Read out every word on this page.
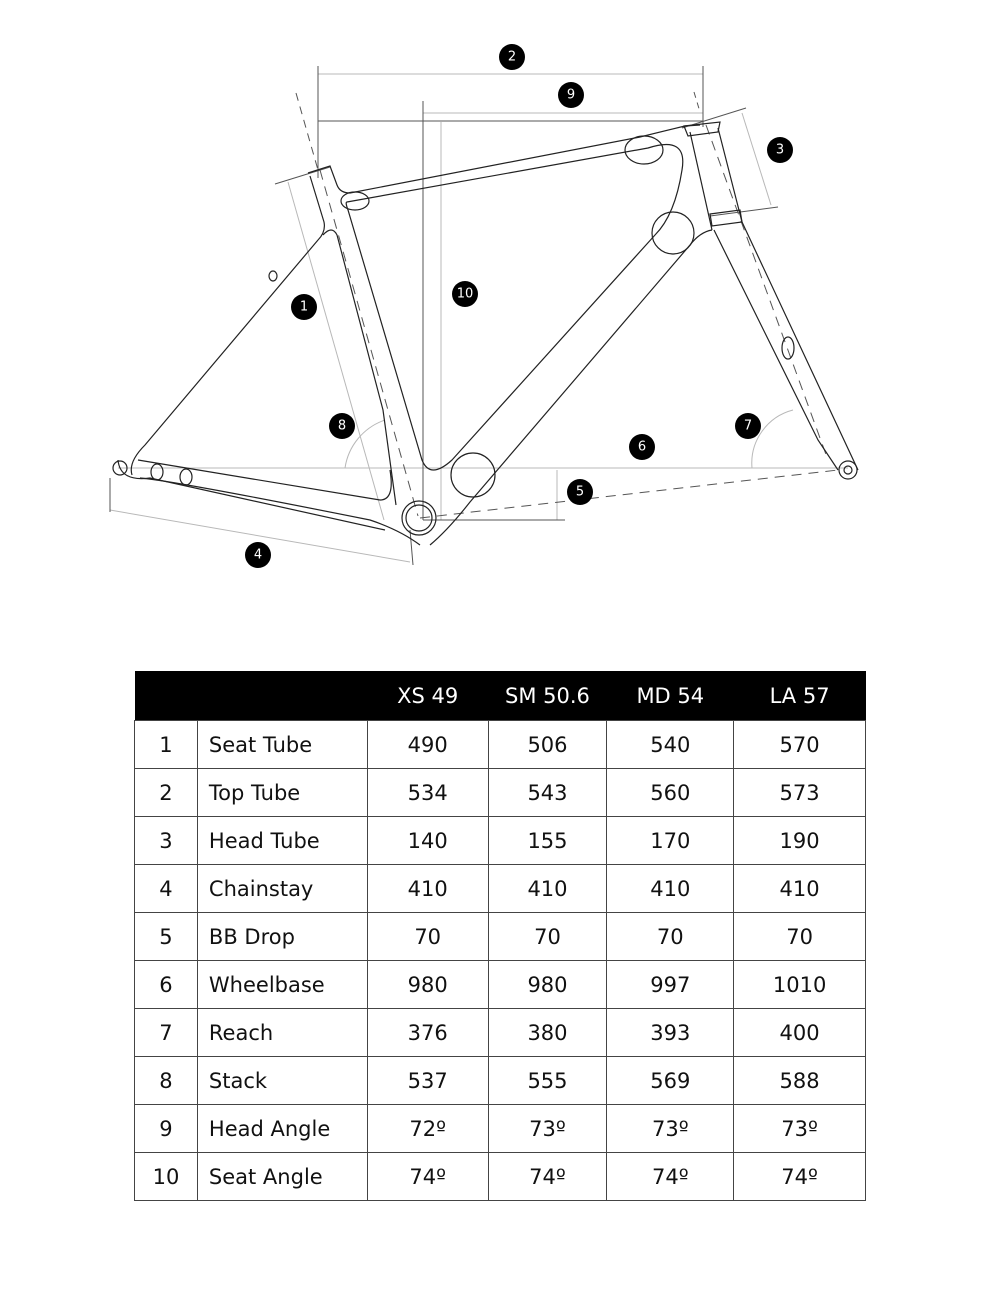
1
2
3
4
5
6
7
8
9
10
		XS 49	SM 50.6	MD 54	LA 57
1	Seat Tube	490	506	540	570
2	Top Tube	534	543	560	573
3	Head Tube	140	155	170	190
4	Chainstay	410	410	410	410
5	BB Drop	70	70	70	70
6	Wheelbase	980	980	997	1010
7	Reach	376	380	393	400
8	Stack	537	555	569	588
9	Head Angle	72º	73º	73º	73º
10	Seat Angle	74º	74º	74º	74º
